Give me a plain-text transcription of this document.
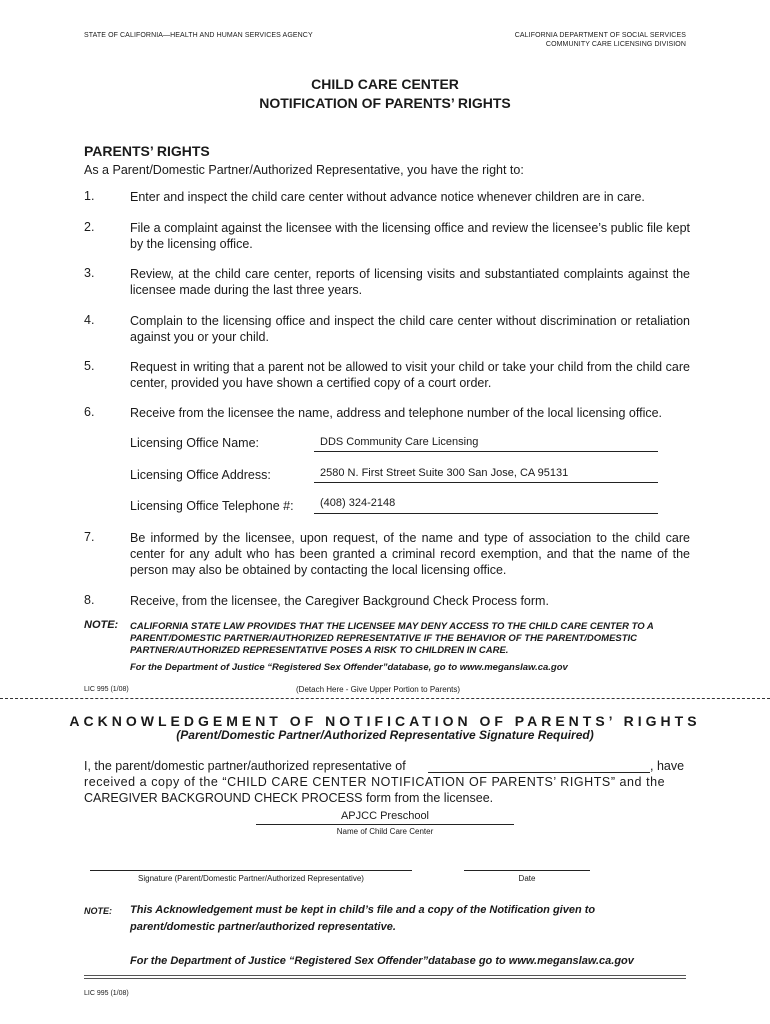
STATE OF CALIFORNIA—HEALTH AND HUMAN SERVICES AGENCY	CALIFORNIA DEPARTMENT OF SOCIAL SERVICES
COMMUNITY CARE LICENSING DIVISION
CHILD CARE CENTER
NOTIFICATION OF PARENTS’ RIGHTS
PARENTS’ RIGHTS
As a Parent/Domestic Partner/Authorized Representative, you have the right to:
1.	Enter and inspect the child care center without advance notice whenever children are in care.
2.	File a complaint against the licensee with the licensing office and review the licensee’s public file kept by the licensing office.
3.	Review, at the child care center, reports of licensing visits and substantiated complaints against the licensee made during the last three years.
4.	Complain to the licensing office and inspect the child care center without discrimination or retaliation against you or your child.
5.	Request in writing that a parent not be allowed to visit your child or take your child from the child care center, provided you have shown a certified copy of a court order.
6.	Receive from the licensee the name, address and telephone number of the local licensing office.
Licensing Office Name:	DDS Community Care Licensing
Licensing Office Address:	2580 N. First Street Suite 300 San Jose, CA 95131
Licensing Office Telephone #: (408) 324-2148
7.	Be informed by the licensee, upon request, of the name and type of association to the child care center for any adult who has been granted a criminal record exemption, and that the name of the person may also be obtained by contacting the local licensing office.
8.	Receive, from the licensee, the Caregiver Background Check Process form.
NOTE: CALIFORNIA STATE LAW PROVIDES THAT THE LICENSEE MAY DENY ACCESS TO THE CHILD CARE CENTER TO A
PARENT/DOMESTIC PARTNER/AUTHORIZED REPRESENTATIVE IF THE BEHAVIOR OF THE PARENT/DOMESTIC
PARTNER/AUTHORIZED REPRESENTATIVE POSES A RISK TO CHILDREN IN CARE.
For the Department of Justice “Registered Sex Offender”database, go to www.meganslaw.ca.gov
LIC 995 (1/08)	(Detach Here - Give Upper Portion to Parents)
ACKNOWLEDGEMENT OF NOTIFICATION OF PARENTS’ RIGHTS
(Parent/Domestic Partner/Authorized Representative Signature Required)
I, the parent/domestic partner/authorized representative of	, have
received a copy of the “CHILD CARE CENTER NOTIFICATION OF PARENTS’ RIGHTS” and the
CAREGIVER BACKGROUND CHECK PROCESS form from the licensee.
APJCC Preschool
Name of Child Care Center
Signature (Parent/Domestic Partner/Authorized Representative)	Date
NOTE: This Acknowledgement must be kept in child’s file and a copy of the Notification given to
parent/domestic partner/authorized representative.
For the Department of Justice “Registered Sex Offender”database go to www.meganslaw.ca.gov
LIC 995 (1/08)
